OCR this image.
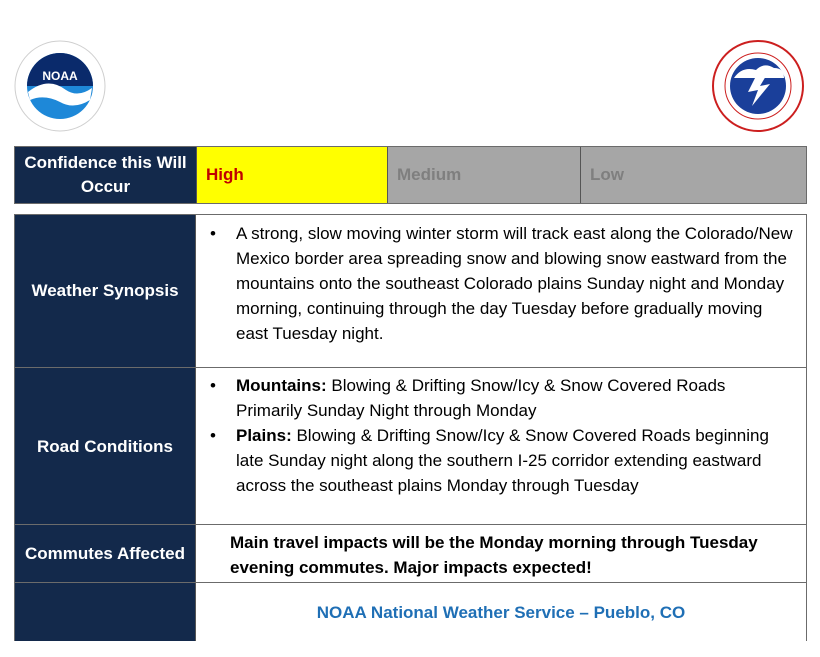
NOAA	NWS Pueblo Weather Briefing
Sat - Tue, Jan 30 - Feb 2, 2016
Confidence this Will Occur
High	Medium	Low
Weather Synopsis
• A strong, slow moving winter storm will track east along the Colorado/New Mexico border area spreading snow and blowing snow eastward from the mountains onto the southeast Colorado plains Sunday night and Monday morning, continuing through the day Tuesday before gradually moving east Tuesday night.
Road Conditions
• Mountains: Blowing & Drifting Snow/Icy & Snow Covered Roads Primarily Sunday Night through Monday
• Plains: Blowing & Drifting Snow/Icy & Snow Covered Roads beginning late Sunday night along the southern I-25 corridor extending eastward across the southeast plains Monday through Tuesday
Commutes Affected
Main travel impacts will be the Monday morning through Tuesday evening commutes. Major impacts expected!
NOAA National Weather Service – Pueblo, CO
